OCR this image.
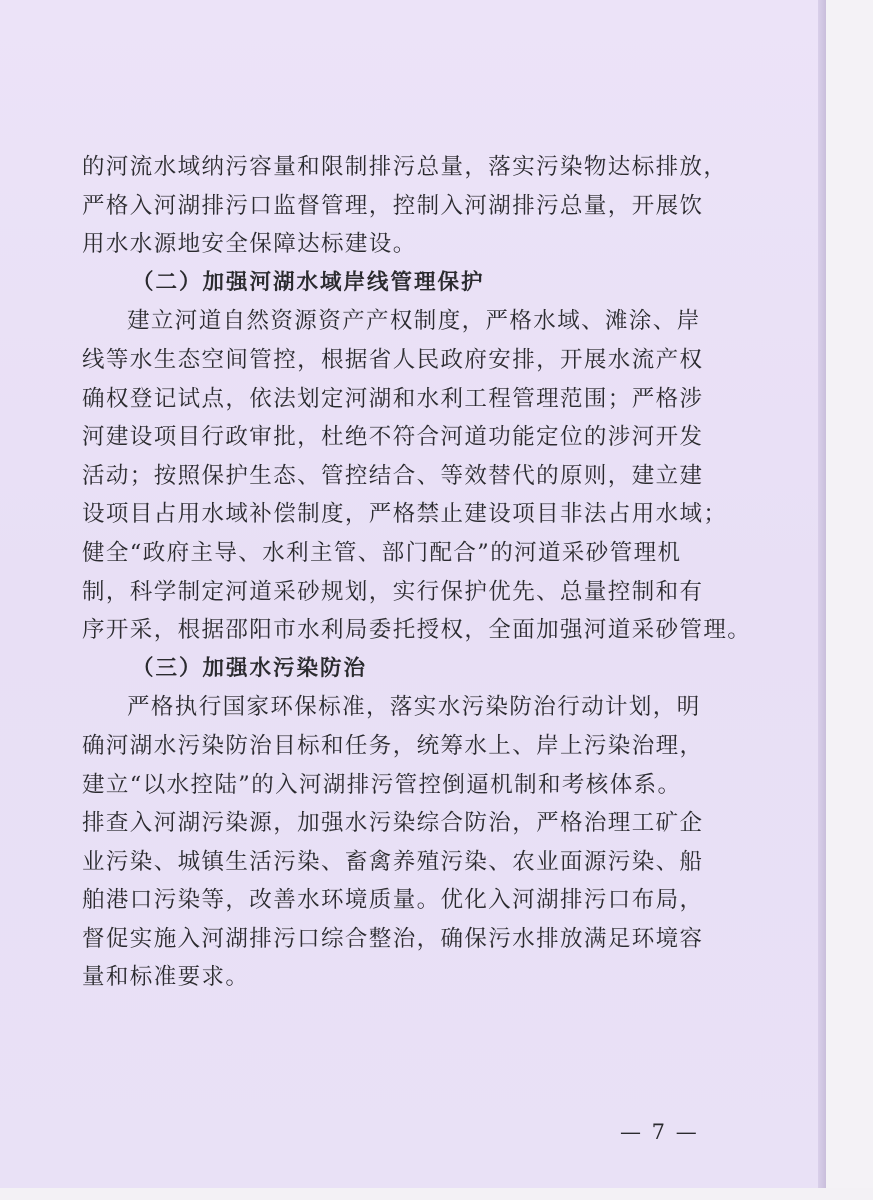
的河流水域纳污容量和限制排污总量，落实污染物达标排放，
严格入河湖排污口监督管理，控制入河湖排污总量，开展饮
用水水源地安全保障达标建设。
（二）加强河湖水域岸线管理保护
建立河道自然资源资产产权制度，严格水域、滩涂、岸
线等水生态空间管控，根据省人民政府安排，开展水流产权
确权登记试点，依法划定河湖和水利工程管理范围；严格涉
河建设项目行政审批，杜绝不符合河道功能定位的涉河开发
活动；按照保护生态、管控结合、等效替代的原则，建立建
设项目占用水域补偿制度，严格禁止建设项目非法占用水域；
健全“政府主导、水利主管、部门配合”的河道采砂管理机
制，科学制定河道采砂规划，实行保护优先、总量控制和有
序开采，根据邵阳市水利局委托授权，全面加强河道采砂管理。
（三）加强水污染防治
严格执行国家环保标准，落实水污染防治行动计划，明
确河湖水污染防治目标和任务，统筹水上、岸上污染治理，
建立“以水控陆”的入河湖排污管控倒逼机制和考核体系。
排查入河湖污染源，加强水污染综合防治，严格治理工矿企
业污染、城镇生活污染、畜禽养殖污染、农业面源污染、船
舶港口污染等，改善水环境质量。优化入河湖排污口布局，
督促实施入河湖排污口综合整治，确保污水排放满足环境容
量和标准要求。
— 7 —
